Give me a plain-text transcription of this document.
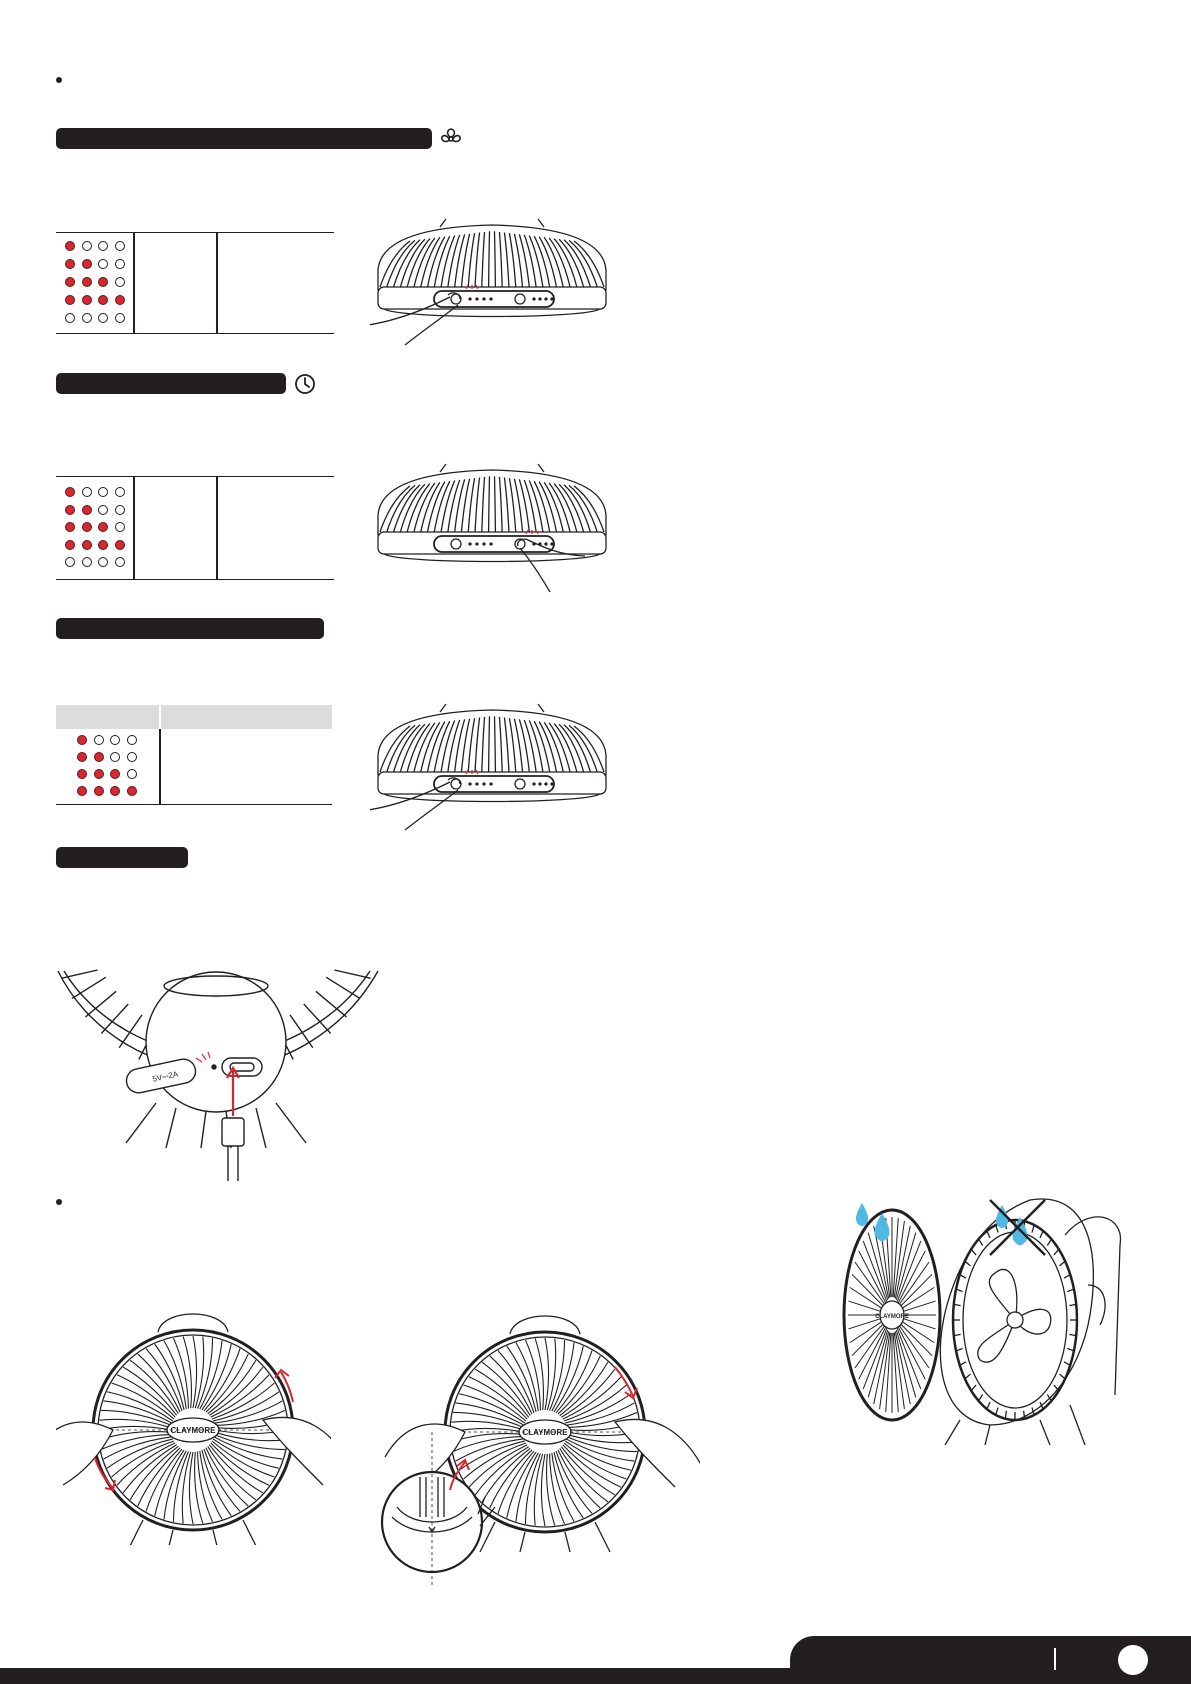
5V⎓2A
CLAYMORE	CLAYMORE
CLAYMORE
